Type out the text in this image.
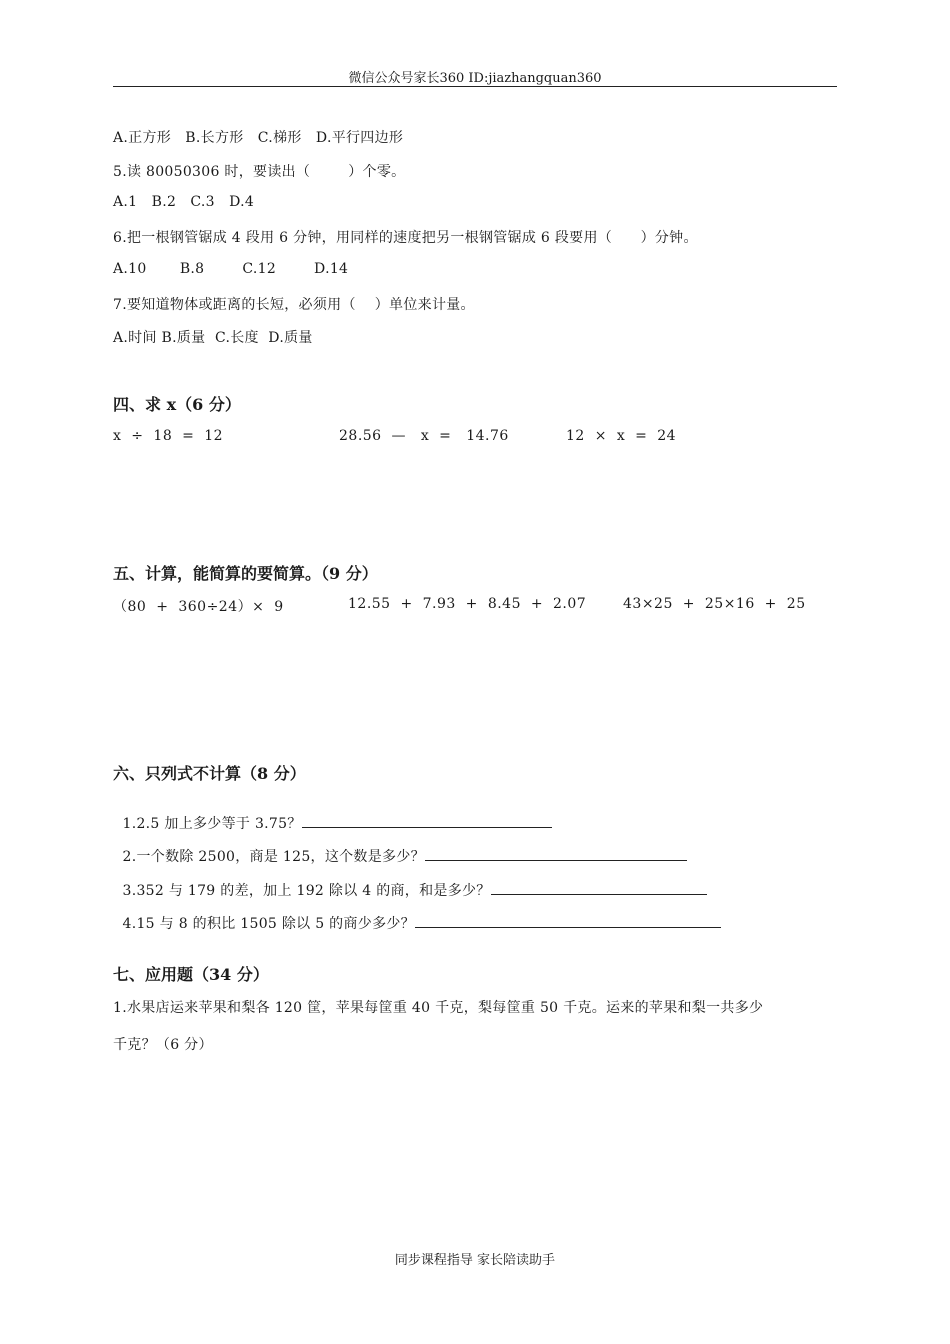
微信公众号家长360 ID:jiazhangquan360
A.正方形   B.长方形   C.梯形   D.平行四边形
5.读 80050306 时，要读出（        ）个零。
A.1   B.2   C.3   D.4
6.把一根钢管锯成 4 段用 6 分钟，用同样的速度把另一根钢管锯成 6 段要用（      ）分钟。
A.10       B.8        C.12        D.14
7.要知道物体或距离的长短，必须用（    ）单位来计量。
A.时间 B.质量  C.长度  D.质量
四、求 x（6 分）
x  ÷  18  =  12	28.56  —   x  =   14.76	12  ×  x  =  24
五、计算，能简算的要简算。（9 分）
（80  +  360÷24）×  9	12.55  +  7.93  +  8.45  +  2.07	43×25  +  25×16  +  25
六、只列式不计算（8 分）

1.2.5 加上多少等于 3.75？

2.一个数除 2500，商是 125，这个数是多少？

3.352 与 179 的差，加上 192 除以 4 的商，和是多少？

4.15 与 8 的积比 1505 除以 5 的商少多少？

七、应用题（34 分）
1.水果店运来苹果和梨各 120 筐，苹果每筐重 40 千克，梨每筐重 50 千克。运来的苹果和梨一共多少
千克？（6 分）
同步课程指导 家长陪读助手
